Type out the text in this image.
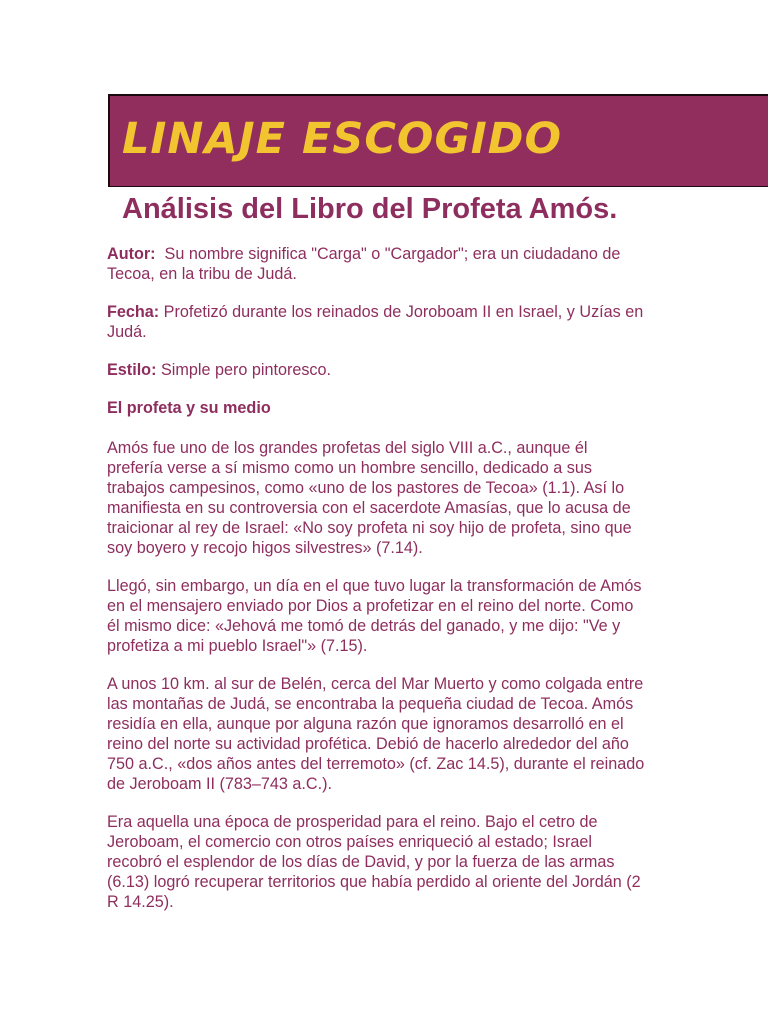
LINAJE ESCOGIDO
Análisis del Libro del Profeta Amós.

Autor:  Su nombre significa "Carga" o "Cargador"; era un ciudadano de Tecoa, en la tribu de Judá.

Fecha: Profetizó durante los reinados de Joroboam II en Israel, y Uzías en Judá.

Estilo: Simple pero pintoresco.

El profeta y su medio

Amós fue uno de los grandes profetas del siglo VIII a.C., aunque él prefería verse a sí mismo como un hombre sencillo, dedicado a sus trabajos campesinos, como «uno de los pastores de Tecoa» (1.1). Así lo manifiesta en su controversia con el sacerdote Amasías, que lo acusa de traicionar al rey de Israel: «No soy profeta ni soy hijo de profeta, sino que soy boyero y recojo higos silvestres» (7.14).

Llegó, sin embargo, un día en el que tuvo lugar la transformación de Amós en el mensajero enviado por Dios a profetizar en el reino del norte. Como él mismo dice: «Jehová me tomó de detrás del ganado, y me dijo: "Ve y profetiza a mi pueblo Israel"» (7.15).

A unos 10 km. al sur de Belén, cerca del Mar Muerto y como colgada entre las montañas de Judá, se encontraba la pequeña ciudad de Tecoa. Amós residía en ella, aunque por alguna razón que ignoramos desarrolló en el reino del norte su actividad profética. Debió de hacerlo alrededor del año 750 a.C., «dos años antes del terremoto» (cf. Zac 14.5), durante el reinado de Jeroboam II (783–743 a.C.).

Era aquella una época de prosperidad para el reino. Bajo el cetro de Jeroboam, el comercio con otros países enriqueció al estado; Israel recobró el esplendor de los días de David, y por la fuerza de las armas (6.13) logró recuperar territorios que había perdido al oriente del Jordán (2 R 14.25).
